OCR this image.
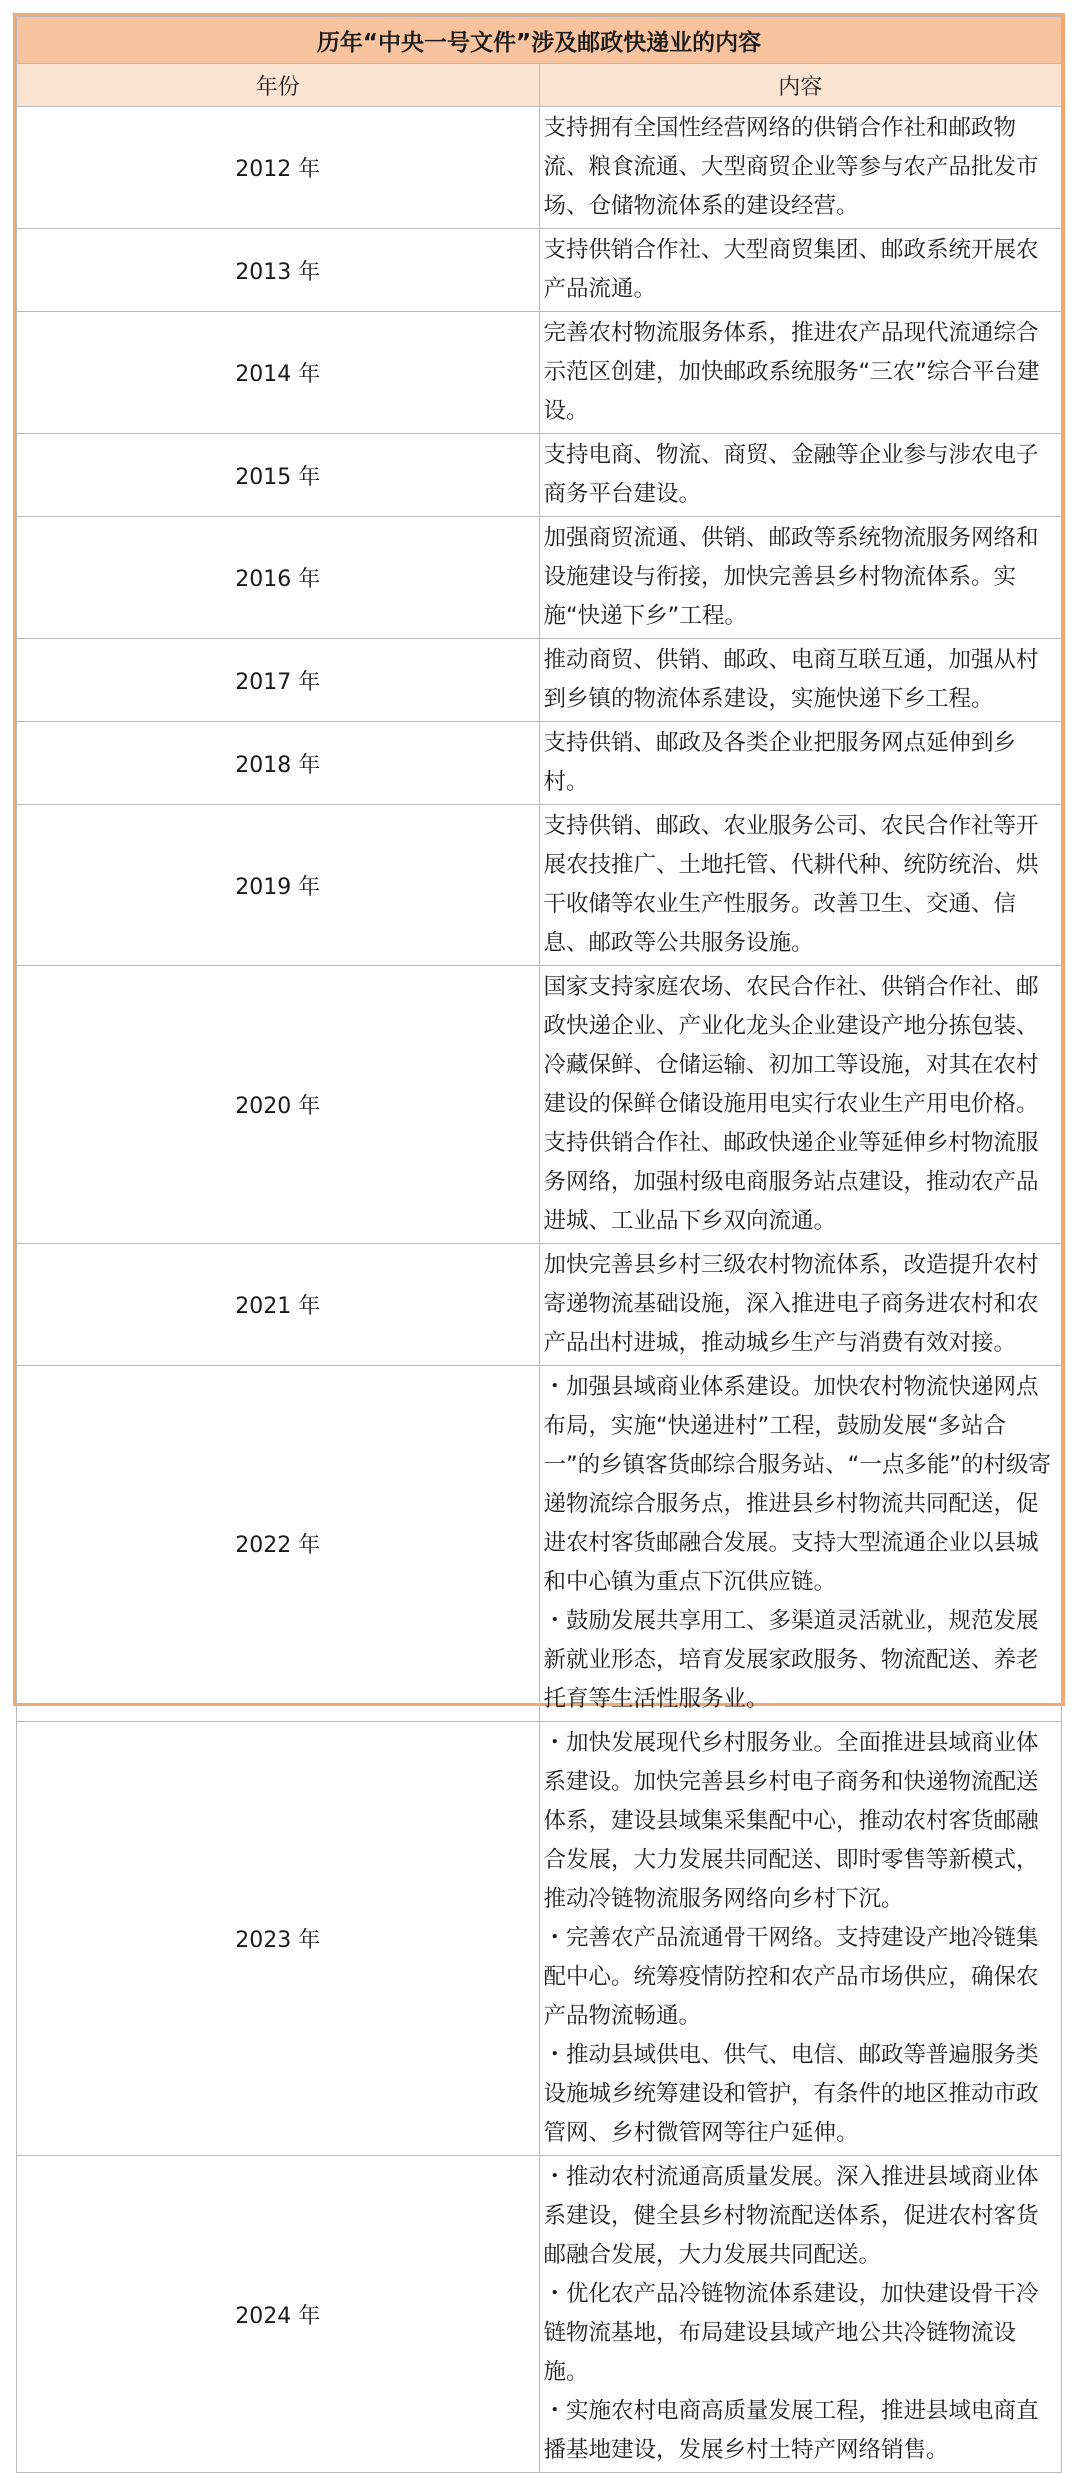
历年“中央一号文件”涉及邮政快递业的内容	
年份	内容
2012 年	支持拥有全国性经营网络的供销合作社和邮政物流、粮食流通、大型商贸企业等参与农产品批发市场、仓储物流体系的建设经营。

2013 年	支持供销合作社、大型商贸集团、邮政系统开展农产品流通。

2014 年	完善农村物流服务体系，推进农产品现代流通综合示范区创建，加快邮政系统服务“三农”综合平台建设。

2015 年	支持电商、物流、商贸、金融等企业参与涉农电子商务平台建设。

2016 年	加强商贸流通、供销、邮政等系统物流服务网络和设施建设与衔接，加快完善县乡村物流体系。实施“快递下乡”工程。

2017 年	推动商贸、供销、邮政、电商互联互通，加强从村到乡镇的物流体系建设，实施快递下乡工程。

2018 年	支持供销、邮政及各类企业把服务网点延伸到乡村。

2019 年	支持供销、邮政、农业服务公司、农民合作社等开展农技推广、土地托管、代耕代种、统防统治、烘干收储等农业生产性服务。改善卫生、交通、信息、邮政等公共服务设施。

2020 年	国家支持家庭农场、农民合作社、供销合作社、邮政快递企业、产业化龙头企业建设产地分拣包装、冷藏保鲜、仓储运输、初加工等设施，对其在农村建设的保鲜仓储设施用电实行农业生产用电价格。支持供销合作社、邮政快递企业等延伸乡村物流服务网络，加强村级电商服务站点建设，推动农产品进城、工业品下乡双向流通。

2021 年	加快完善县乡村三级农村物流体系，改造提升农村寄递物流基础设施，深入推进电子商务进农村和农产品出村进城，推动城乡生产与消费有效对接。

2022 年	・加强县域商业体系建设。加快农村物流快递网点布局，实施“快递进村”工程，鼓励发展“多站合一”的乡镇客货邮综合服务站、“一点多能”的村级寄递物流综合服务点，推进县乡村物流共同配送，促进农村客货邮融合发展。支持大型流通企业以县城和中心镇为重点下沉供应链。

・鼓励发展共享用工、多渠道灵活就业，规范发展新就业形态，培育发展家政服务、物流配送、养老托育等生活性服务业。

2023 年	・加快发展现代乡村服务业。全面推进县域商业体系建设。加快完善县乡村电子商务和快递物流配送体系，建设县域集采集配中心，推动农村客货邮融合发展，大力发展共同配送、即时零售等新模式，推动冷链物流服务网络向乡村下沉。

・完善农产品流通骨干网络。支持建设产地冷链集配中心。统筹疫情防控和农产品市场供应，确保农产品物流畅通。

・推动县域供电、供气、电信、邮政等普遍服务类设施城乡统筹建设和管护，有条件的地区推动市政管网、乡村微管网等往户延伸。

2024 年	・推动农村流通高质量发展。深入推进县域商业体系建设，健全县乡村物流配送体系，促进农村客货邮融合发展，大力发展共同配送。

・优化农产品冷链物流体系建设，加快建设骨干冷链物流基地，布局建设县域产地公共冷链物流设施。

・实施农村电商高质量发展工程，推进县域电商直播基地建设，发展乡村土特产网络销售。
